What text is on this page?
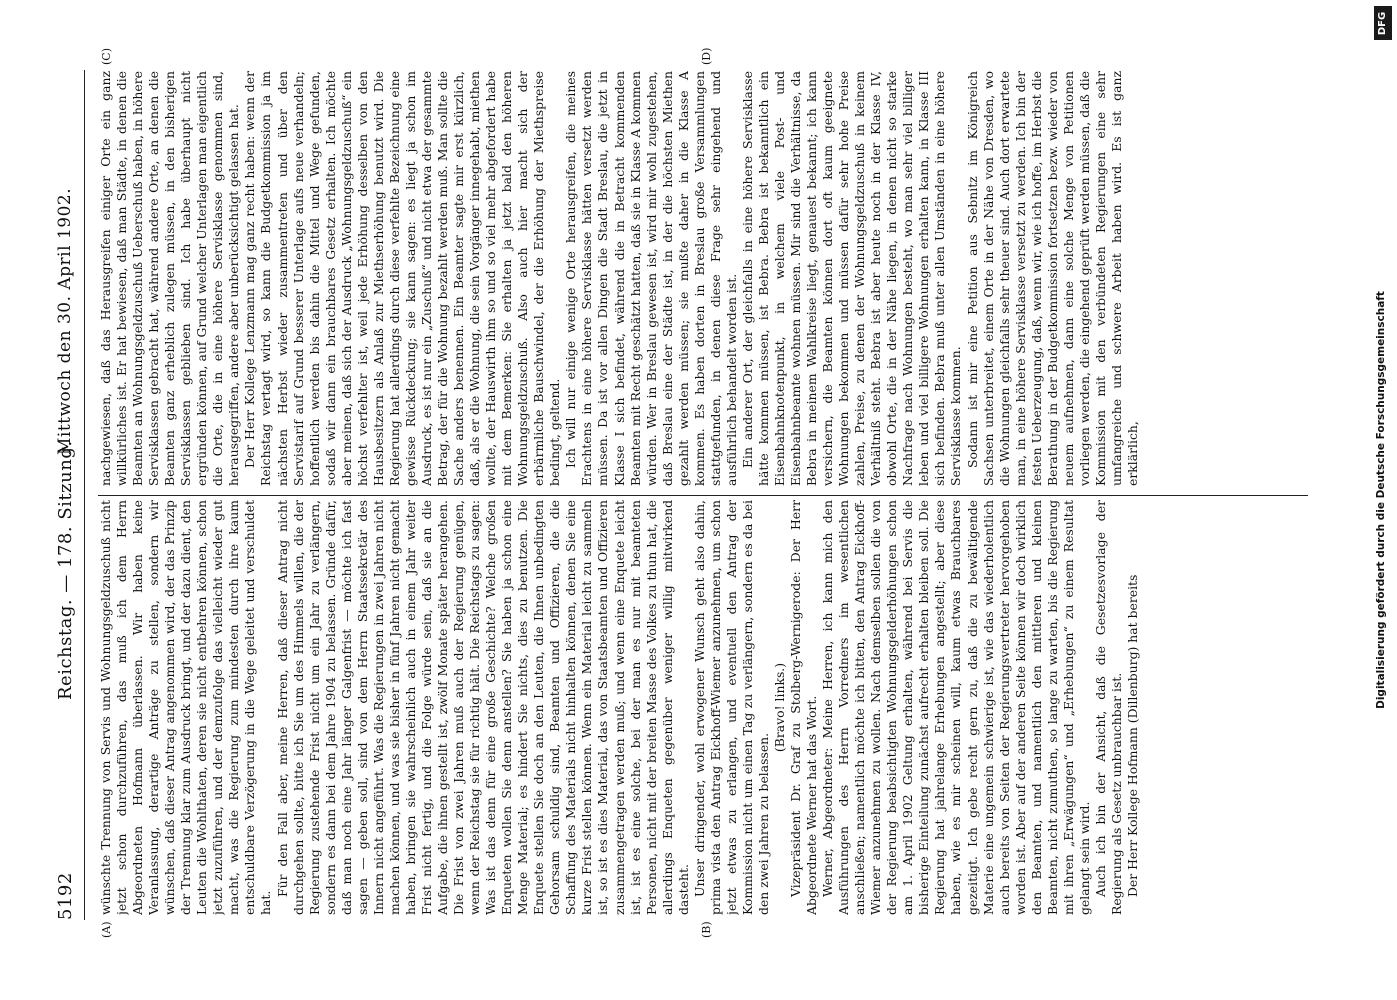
5192
Reichstag. — 178. Sitzung.
Mittwoch den 30. April 1902.
(A)	(B)
(C)	(D)

wünschte Trennung von Servis und Wohnungsgeldzuschuß nicht jetzt schon durchzuführen, das muß ich dem Herrn Abgeordneten Hofmann überlassen. Wir haben keine Veranlassung, derartige Anträge zu stellen, sondern wir wünschen, daß dieser Antrag angenommen wird, der das Prinzip der Trennung klar zum Ausdruck bringt, und der dazu dient, den Leuten die Wohlthaten, deren sie nicht entbehren können, schon jetzt zuzuführen, und der demzufolge das vielleicht wieder gut macht, was die Regierung zum mindesten durch ihre kaum entschuldbare Verzögerung in die Wege geleitet und verschuldet hat.

Für den Fall aber, meine Herren, daß dieser Antrag nicht durchgehen sollte, bitte ich Sie um des Himmels willen, die der Regierung zustehende Frist nicht um ein Jahr zu verlängern, sondern es dann bei dem Jahre 1904 zu belassen. Gründe dafür, daß man noch eine Jahr länger Galgenfrist — möchte ich fast sagen — geben soll, sind von dem Herrn Staatssekretär des Innern nicht angeführt. Was die Regierungen in zwei Jahren nicht machen können, und was sie bisher in fünf Jahren nicht gemacht haben, bringen sie wahrscheinlich auch in einem Jahr weiter Frist nicht fertig, und die Folge würde sein, daß sie an die Aufgabe, die ihnen gestellt ist, zwölf Monate später herangehen. Die Frist von zwei Jahren muß auch der Regierung genügen, wenn der Reichstag sie für richtig hält. Die Reichstags zu sagen: Was ist das denn für eine große Geschichte? Welche großen Enqueten wollen Sie denn anstellen? Sie haben ja schon eine Menge Material; es hindert Sie nichts, dies zu benutzen. Die Enquete stellen Sie doch an den Leuten, die Ihnen unbedingten Gehorsam schuldig sind, Beamten und Offizieren, die die Schaffung des Materials nicht hinhalten können, denen Sie eine kurze Frist stellen können. Wenn ein Material leicht zu sammeln ist, so ist es dies Material, das von Staatsbeamten und Offizieren zusammengetragen werden muß; und wenn eine Enquete leicht ist, ist es eine solche, bei der man es nur mit beamteten Personen, nicht mit der breiten Masse des Volkes zu thun hat, die allerdings Enqueten gegenüber weniger willig mitwirkend dasteht. Unser dringender, wohl erwogener Wunsch geht also dahin, prima vista den Antrag Eickhoff-Wiemer anzunehmen, um schon jetzt etwas zu erlangen, und eventuell den Antrag der Kommission nicht um einen Tag zu verlängern, sondern es da bei den zwei Jahren zu belassen.

(Bravo! links.) Vizepräsident Dr. Graf zu Stolberg-Wernigerode: Der Herr Abgeordnete Werner hat das Wort. Werner, Abgeordneter: Meine Herren, ich kann mich den Ausführungen des Herrn Vorredners im wesentlichen anschließen; namentlich möchte ich bitten, den Antrag Eickhoff-Wiemer anzunehmen zu wollen. Nach demselben sollen die von der Regierung beabsichtigten Wohnungsgelderhöhungen schon am 1. April 1902 Geltung erhalten, während bei Servis die bisherige Einteilung zunächst aufrecht erhalten bleiben soll. Die Regierung hat jahrelange Erhebungen angestellt; aber diese haben, wie es mir scheinen will, kaum etwas Brauchbares gezeitigt. Ich gebe recht gern zu, daß die zu bewältigende Materie eine ungemein schwierige ist, wie das wiederholentlich auch bereits von Seiten der Regierungsvertreter hervorgehoben worden ist. Aber auf der anderen Seite können wir doch wirklich den Beamten, und namentlich den mittleren und kleinen Beamten, nicht zumuthen, so lange zu warten, bis die Regierung mit ihren „Erwägungen“ und „Erhebungen“ zu einem Resultat gelangt sein wird. Auch ich bin der Ansicht, daß die Gesetzesvorlage der Regierung als Gesetz unbrauchbar ist. Der Herr Kollege Hofmann (Dillenburg) hat bereits

nachgewiesen, daß das Herausgreifen einiger Orte ein ganz willkürliches ist. Er hat bewiesen, daß man Städte, in denen die Beamten an Wohnungsgeldzuschuß Ueberschuß haben, in höhere Servisklassen gebracht hat, während andere Orte, an denen die Beamten ganz erheblich zulegen müssen, in den bisherigen Servisklassen geblieben sind. Ich habe überhaupt nicht ergründen können, auf Grund welcher Unterlagen man eigentlich die Orte, die in eine höhere Servisklasse genommen sind, herausgegriffen, andere aber unberücksichtigt gelassen hat. Der Herr Kollege Lenzmann mag ganz recht haben: wenn der Reichstag vertagt wird, so kann die Budgetkommission ja im nächsten Herbst wieder zusammentreten und über den Servistarif auf Grund besserer Unterlage aufs neue verhandeln; hoffentlich werden bis dahin die Mittel und Wege gefunden, sodaß wir dann ein brauchbares Gesetz erhalten. Ich möchte aber meinen, daß sich der Ausdruck „Wohnungsgeldzuschuß“ ein höchst verfehlter ist, weil jede Erhöhung desselben von den Hausbesitzern als Anlaß zur Miethserhöhung benutzt wird. Die Regierung hat allerdings durch diese verfehlte Bezeichnung eine gewisse Rückdeckung; sie kann sagen: es liegt ja schon im Ausdruck, es ist nur ein „Zuschuß“ und nicht etwa der gesammte Betrag, der für die Wohnung bezahlt werden muß. Man sollte die Sache anders benennen. Ein Beamter sagte mir erst kürzlich, daß, als er die Wohnung, die sein Vorgänger innegehabt, miethen wollte, der Hauswirth ihm so und so viel mehr abgefordert habe mit dem Bemerken: Sie erhalten ja jetzt bald den höheren Wohnungsgeldzuschuß. Also auch hier macht sich der erbärmliche Bauschwindel, der die Erhöhung der Miethspreise bedingt, geltend. Ich will nur einige wenige Orte herausgreifen, die meines Erachtens in eine höhere Servisklasse hätten versetzt werden müssen. Da ist vor allen Dingen die Stadt Breslau, die jetzt in Klasse I sich befindet, während die in Betracht kommenden Beamten mit Recht geschätzt hatten, daß sie in Klasse A kommen würden. Wer in Breslau gewesen ist, wird mir wohl zugestehen, daß Breslau eine der Städte ist, in der die höchsten Miethen gezahlt werden müssen; sie mußte daher in die Klasse A kommen. Es haben dorten in Breslau große Versammlungen stattgefunden, in denen diese Frage sehr eingehend und ausführlich behandelt worden ist. Ein anderer Ort, der gleichfalls in eine höhere Servisklasse hätte kommen müssen, ist Bebra. Bebra ist bekanntlich ein Eisenbahnknotenpunkt, in welchem viele Post- und Eisenbahnbeamte wohnen müssen. Mir sind die Verhältnisse, da Bebra in meinem Wahlkreise liegt, genauest bekannt; ich kann versichern, die Beamten können dort oft kaum geeignete Wohnungen bekommen und müssen dafür sehr hohe Preise zahlen, Preise, zu denen der Wohnungsgeldzuschuß in keinem Verhältniß steht. Bebra ist aber heute noch in der Klasse IV, obwohl Orte, die in der Nähe liegen, in denen nicht so starke Nachfrage nach Wohnungen besteht, wo man sehr viel billiger leben und viel billigere Wohnungen erhalten kann, in Klasse III sich befinden. Bebra muß unter allen Umständen in eine höhere Servisklasse kommen. Sodann ist mir eine Petition aus Sebnitz im Königreich Sachsen unterbreitet, einem Orte in der Nähe von Dresden, wo die Wohnungen gleichfalls sehr theuer sind. Auch dort erwartete man, in eine höhere Servisklasse versetzt zu werden. Ich bin der festen Ueberzeugung, daß, wenn wir, wie ich hoffe, im Herbst die Berathung in der Budgetkommission fortsetzen bezw. wieder von neuem aufnehmen, dann eine solche Menge von Petitionen vorliegen werden, die eingehend geprüft werden müssen, daß die Kommission mit den verbündeten Regierungen eine sehr umfangreiche und schwere Arbeit haben wird. Es ist ganz erklärlich,	Digitalisierung gefördert durch die Deutsche Forschungsgemeinschaft
DFG
